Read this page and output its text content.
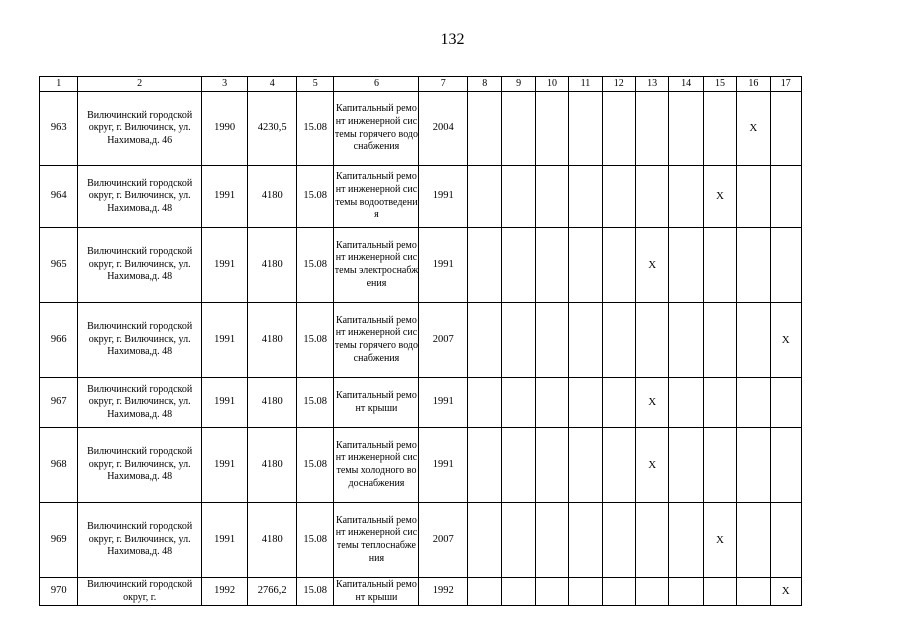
132
1	2	3	4	5	6	7	8	9	10	11	12	13	14	15	16	17
963	Вилючинский городской округ, г. Вилючинск, ул. Нахимова,д. 46	1990	4230,5	15.08	Капитальный ремонт инженерной системы горячего водоснабжения	2004									X	
964	Вилючинский городской округ, г. Вилючинск, ул. Нахимова,д. 48	1991	4180	15.08	Капитальный ремонт инженерной системы водоотведения	1991								X		
965	Вилючинский городской округ, г. Вилючинск, ул. Нахимова,д. 48	1991	4180	15.08	Капитальный ремонт инженерной системы электроснабжения	1991						X				
966	Вилючинский городской округ, г. Вилючинск, ул. Нахимова,д. 48	1991	4180	15.08	Капитальный ремонт инженерной системы горячего водоснабжения	2007										X
967	Вилючинский городской округ, г. Вилючинск, ул. Нахимова,д. 48	1991	4180	15.08	Капитальный ремонт крыши	1991						X				
968	Вилючинский городской округ, г. Вилючинск, ул. Нахимова,д. 48	1991	4180	15.08	Капитальный ремонт инженерной системы холодного водоснабжения	1991						X				
969	Вилючинский городской округ, г. Вилючинск, ул. Нахимова,д. 48	1991	4180	15.08	Капитальный ремонт инженерной системы теплоснабжения	2007								X		
970	Вилючинский городской округ, г.	1992	2766,2	15.08	Капитальный ремонт крыши	1992										X
